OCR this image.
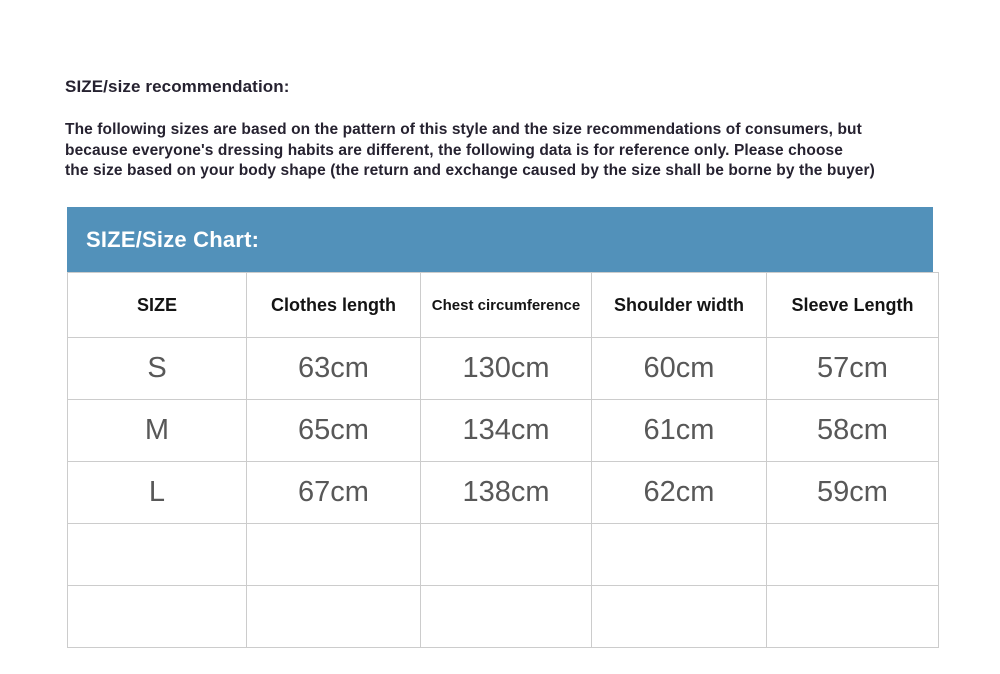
SIZE/size recommendation:
The following sizes are based on the pattern of this style and the size recommendations of consumers, but
because everyone's dressing habits are different, the following data is for reference only. Please choose
the size based on your body shape (the return and exchange caused by the size shall be borne by the buyer)
SIZE/Size Chart:
SIZE	Clothes length	Chest circumference	Shoulder width	Sleeve Length
S	63cm	130cm	60cm	57cm
M	65cm	134cm	61cm	58cm
L	67cm	138cm	62cm	59cm
